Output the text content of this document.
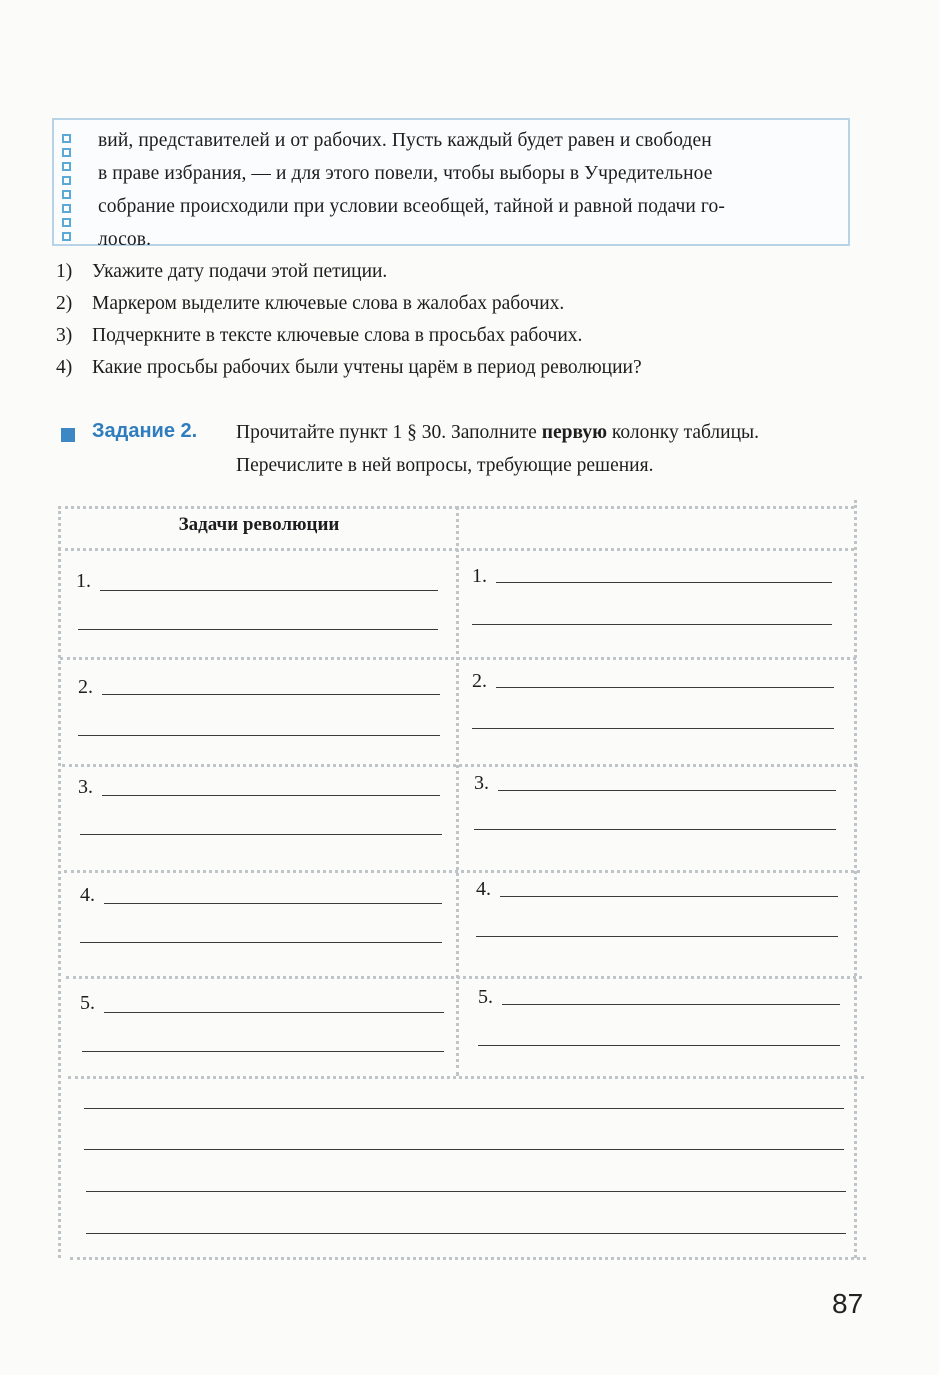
вий, представителей и от рабочих. Пусть каждый будет равен и свободен
в праве избрания, — и для этого повели, чтобы выборы в Учредительное
собрание происходили при условии всеобщей, тайной и равной подачи го-
лосов.
1)	Укажите дату подачи этой петиции.
2)	Маркером выделите ключевые слова в жалобах рабочих.
3)	Подчеркните в тексте ключевые слова в просьбах рабочих.
4)	Какие просьбы рабочих были учтены царём в период революции?
Задание 2. Прочитайте пункт 1 § 30. Заполните первую колонку таблицы. Перечислите в ней вопросы, требующие решения.
Задачи революции
1.	1.
2.	2.
3.	3.
4.	4.
5.	5.
87
